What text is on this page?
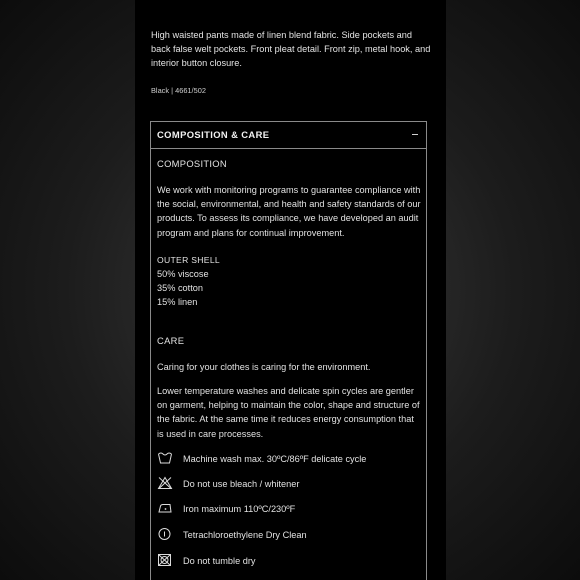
High waisted pants made of linen blend fabric. Side pockets and back false welt pockets. Front pleat detail. Front zip, metal hook, and interior button closure.

Black | 4661/502
COMPOSITION & CARE
COMPOSITION

We work with monitoring programs to guarantee compliance with the social, environmental, and health and safety standards of our products. To assess its compliance, we have developed an audit program and plans for continual improvement.

OUTER SHELL
50% viscose
35% cotton
15% linen
CARE

Caring for your clothes is caring for the environment.

Lower temperature washes and delicate spin cycles are gentler on garment, helping to maintain the color, shape and structure of the fabric. At the same time it reduces energy consumption that is used in care processes.

Machine wash max. 30ºC/86ºF delicate cycle
Do not use bleach / whitener
Iron maximum 110ºC/230ºF
Tetrachloroethylene Dry Clean
Do not tumble dry
